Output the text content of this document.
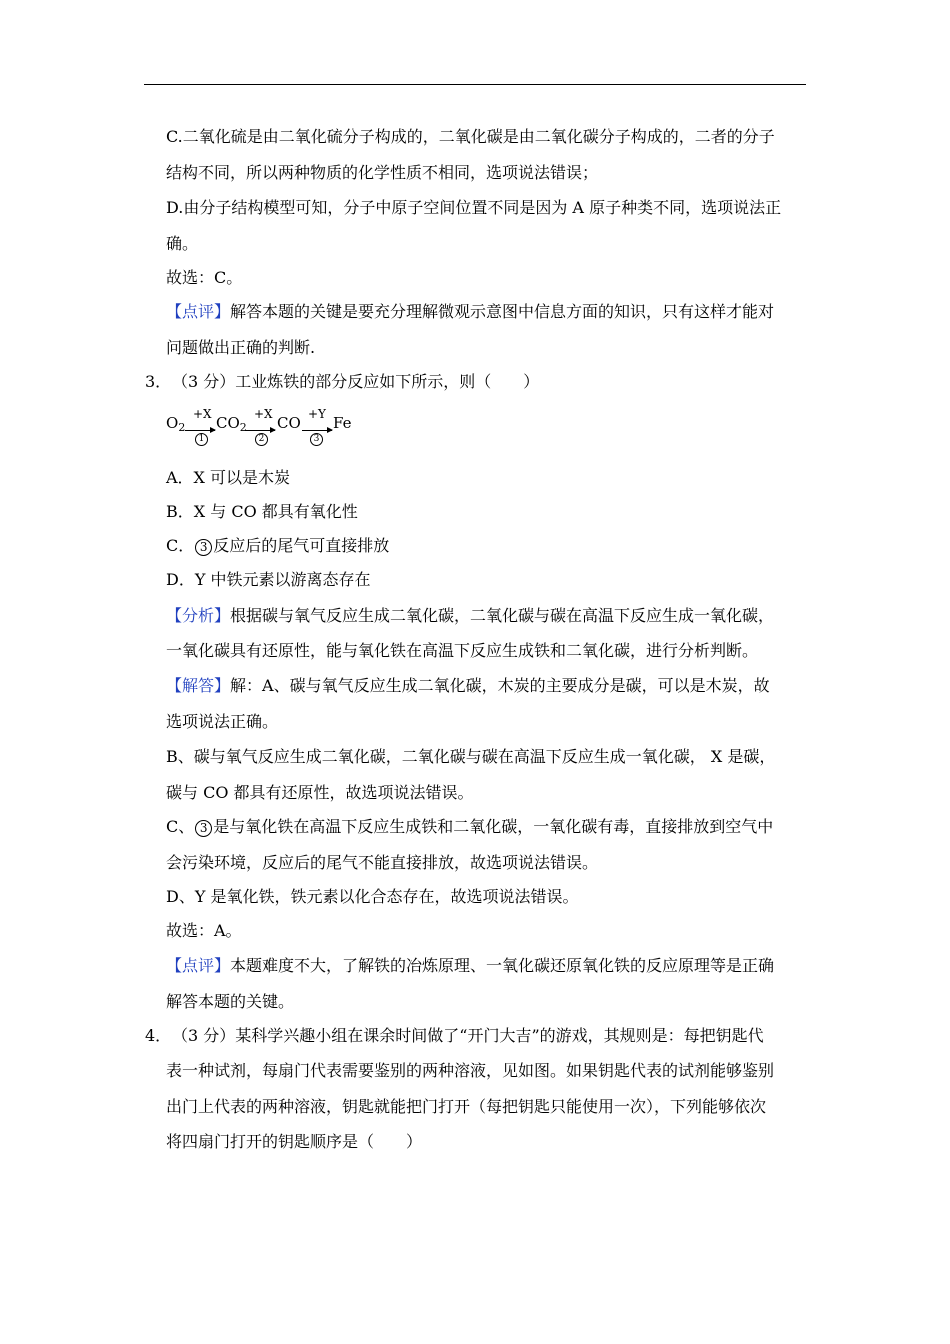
C.二氧化硫是由二氧化硫分子构成的，二氧化碳是由二氧化碳分子构成的，二者的分子
结构不同，所以两种物质的化学性质不相同，选项说法错误；
D.由分子结构模型可知，分子中原子空间位置不同是因为 A 原子种类不同，选项说法正
确。
故选：C。
【点评】解答本题的关键是要充分理解微观示意图中信息方面的知识，只有这样才能对
问题做出正确的判断.
3． （3 分）工业炼铁的部分反应如下所示，则（　　）
$O_2$
+X
1
$CO_2$
+X
2
CO +Y
3
Fe
A．X 可以是木炭
B．X 与 CO 都具有氧化性
C． 3 反应后的尾气可直接排放
D．Y 中铁元素以游离态存在
【分析】根据碳与氧气反应生成二氧化碳，二氧化碳与碳在高温下反应生成一氧化碳，
一氧化碳具有还原性，能与氧化铁在高温下反应生成铁和二氧化碳，进行分析判断。
【解答】解：A、碳与氧气反应生成二氧化碳，木炭的主要成分是碳，可以是木炭，故
选项说法正确。
B、碳与氧气反应生成二氧化碳，二氧化碳与碳在高温下反应生成一氧化碳， X 是碳，
碳与 CO 都具有还原性，故选项说法错误。
C、 3 是与氧化铁在高温下反应生成铁和二氧化碳，一氧化碳有毒，直接排放到空气中
会污染环境，反应后的尾气不能直接排放，故选项说法错误。
D、Y 是氧化铁，铁元素以化合态存在，故选项说法错误。
故选：A。
【点评】本题难度不大，了解铁的冶炼原理、一氧化碳还原氧化铁的反应原理等是正确
解答本题的关键。
4． （3 分）某科学兴趣小组在课余时间做了“开门大吉”的游戏，其规则是：每把钥匙代
表一种试剂，每扇门代表需要鉴别的两种溶液，见如图。如果钥匙代表的试剂能够鉴别
出门上代表的两种溶液，钥匙就能把门打开（每把钥匙只能使用一次），下列能够依次
将四扇门打开的钥匙顺序是（　　）
